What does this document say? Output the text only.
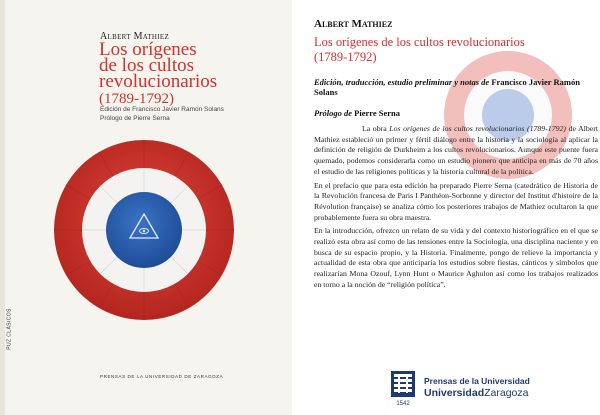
PUZ CLÁSICOS
Albert Mathiez
Los orígenes
de los cultos
revolucionarios
(1789-1792)
Edición de Francisco Javier Ramón Solans
Prólogo de Pierre Serna
PRENSAS DE LA UNIVERSIDAD DE ZARAGOZA
Albert Mathiez
Los orígenes de los cultos revolucionarios
(1789-1792)
Edición, traducción, estudio preliminar y notas de Francisco Javier Ramón Solans
Prólogo de Pierre Serna

La obra Los orígenes de los cultos revolucionarios (1789-1792) de Albert Mathiez estableció un primer y fértil diálogo entre la historia y la sociología al aplicar la definición de religión de Durkheim a los cultos revolucionarios. Aunque este puente fuera quemado, podemos considerarla como un estudio pionero que anticipa en más de 70 años el estudio de las religiones políticas y la historia cultural de la política.

En el prefacio que para esta edición ha preparado Pierre Serna (catedrático de Historia de la Revolución francesa de Paris I Panthéon-Sorbonne y director del Institut d'histoire de la Révolution française) se analiza cómo los posteriores trabajos de Mathiez ocultaron la que probablemente fuera su obra maestra.

En la introducción, ofrezco un relato de su vida y del contexto historiográfico en el que se realizó esta obra así como de las tensiones entre la Sociología, una disciplina naciente y en busca de su espacio propio, y la Historia. Finalmente, pongo de relieve la importancia y actualidad de esta obra que anticiparía los estudios sobre fiestas, cánticos y símbolos que realizarían Mona Ozouf, Lynn Hunt o Maurice Aghulon así como los trabajos realizados en torno a la noción de “religión política”.

1542
Prensas de la Universidad
UniversidadZaragoza
